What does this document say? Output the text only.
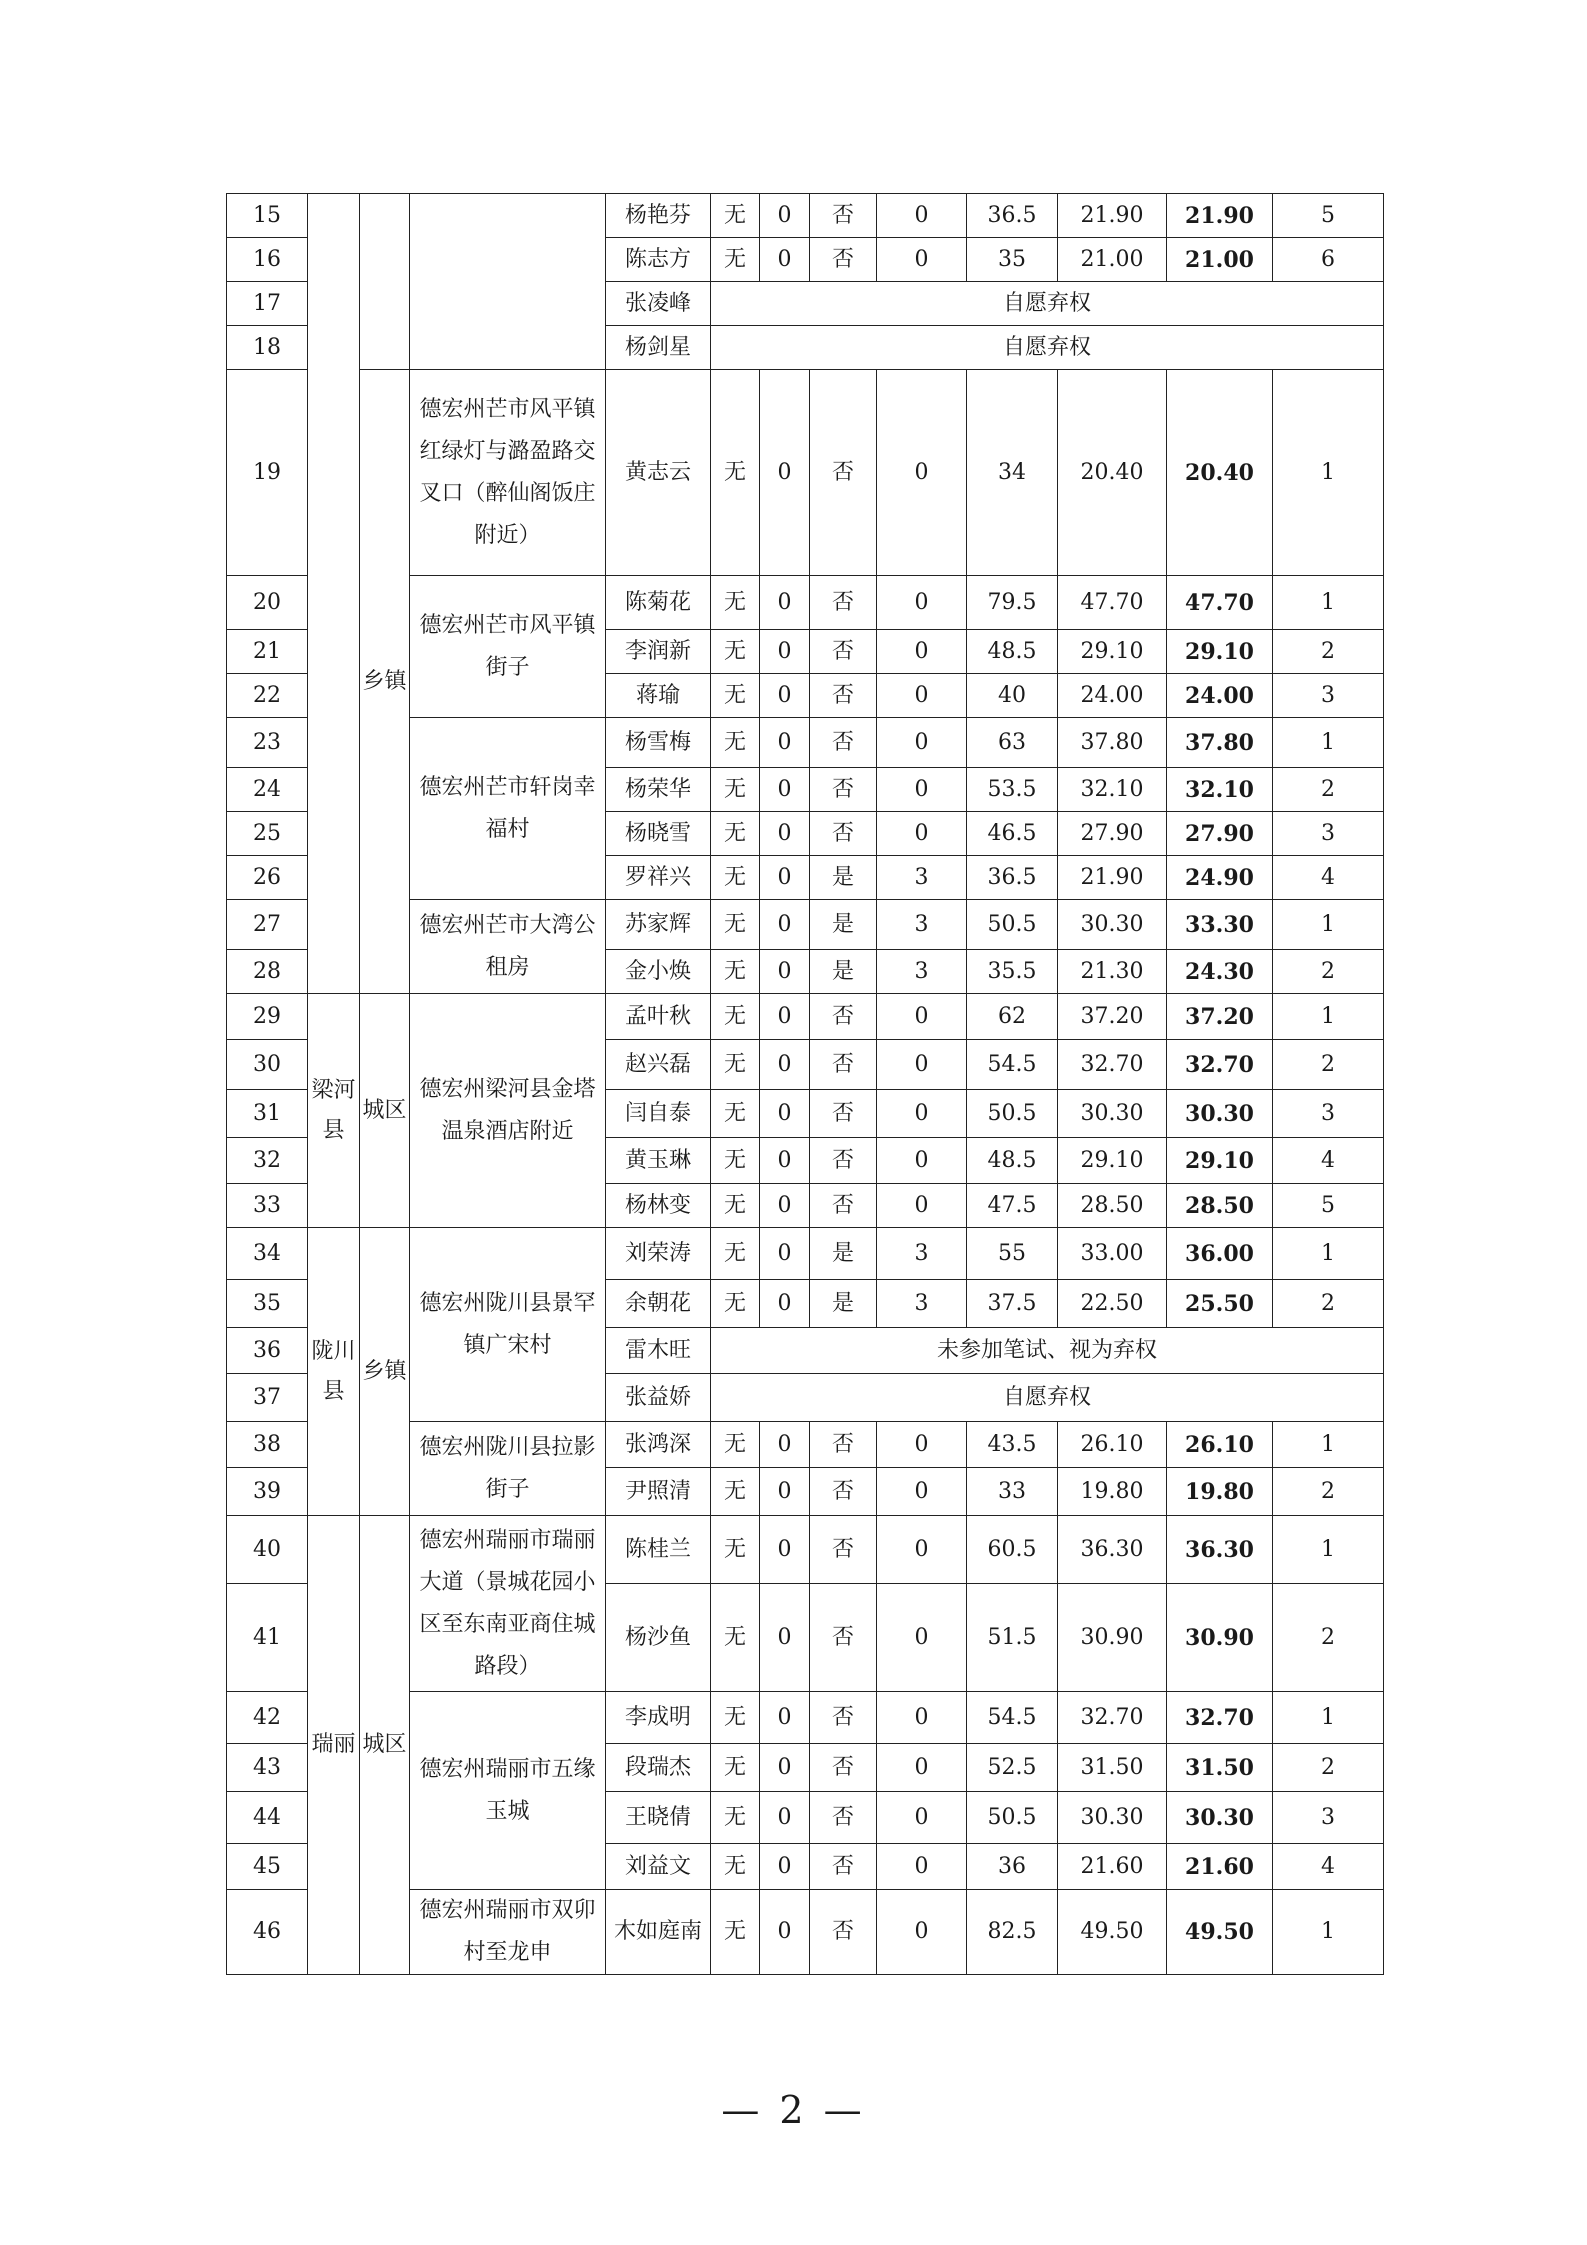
15				杨艳芬	无	0	否	0	36.5	21.90	21.90	5
16				陈志方	无	0	否	0	35	21.00	21.00	6
17				张凌峰	自愿弃权							
18				杨剑星	自愿弃权							
19		乡镇	德宏州芒市风平镇红绿灯与潞盈路交叉口（醉仙阁饭庄附近）	黄志云	无	0	否	0	34	20.40	20.40	1
20			德宏州芒市风平镇街子	陈菊花	无	0	否	0	79.5	47.70	47.70	1
21				李润新	无	0	否	0	48.5	29.10	29.10	2
22				蒋瑜	无	0	否	0	40	24.00	24.00	3
23			德宏州芒市轩岗幸福村	杨雪梅	无	0	否	0	63	37.80	37.80	1
24				杨荣华	无	0	否	0	53.5	32.10	32.10	2
25				杨晓雪	无	0	否	0	46.5	27.90	27.90	3
26				罗祥兴	无	0	是	3	36.5	21.90	24.90	4
27			德宏州芒市大湾公租房	苏家辉	无	0	是	3	50.5	30.30	33.30	1
28				金小焕	无	0	是	3	35.5	21.30	24.30	2
29	梁河县	城区	德宏州梁河县金塔温泉酒店附近	孟叶秋	无	0	否	0	62	37.20	37.20	1
30				赵兴磊	无	0	否	0	54.5	32.70	32.70	2
31				闫自泰	无	0	否	0	50.5	30.30	30.30	3
32				黄玉琳	无	0	否	0	48.5	29.10	29.10	4
33				杨林变	无	0	否	0	47.5	28.50	28.50	5
34	陇川县	乡镇	德宏州陇川县景罕镇广宋村	刘荣涛	无	0	是	3	55	33.00	36.00	1
35				余朝花	无	0	是	3	37.5	22.50	25.50	2
36				雷木旺	未参加笔试、视为弃权							
37				张益娇	自愿弃权							
38			德宏州陇川县拉影街子	张鸿深	无	0	否	0	43.5	26.10	26.10	1
39				尹照清	无	0	否	0	33	19.80	19.80	2
40	瑞丽	城区	德宏州瑞丽市瑞丽大道（景城花园小区至东南亚商住城路段）	陈桂兰	无	0	否	0	60.5	36.30	36.30	1
41				杨沙鱼	无	0	否	0	51.5	30.90	30.90	2
42			德宏州瑞丽市五缘玉城	李成明	无	0	否	0	54.5	32.70	32.70	1
43				段瑞杰	无	0	否	0	52.5	31.50	31.50	2
44				王晓倩	无	0	否	0	50.5	30.30	30.30	3
45				刘益文	无	0	否	0	36	21.60	21.60	4
46			德宏州瑞丽市双卯村至龙申	木如庭南	无	0	否	0	82.5	49.50	49.50	1
— 2 —
